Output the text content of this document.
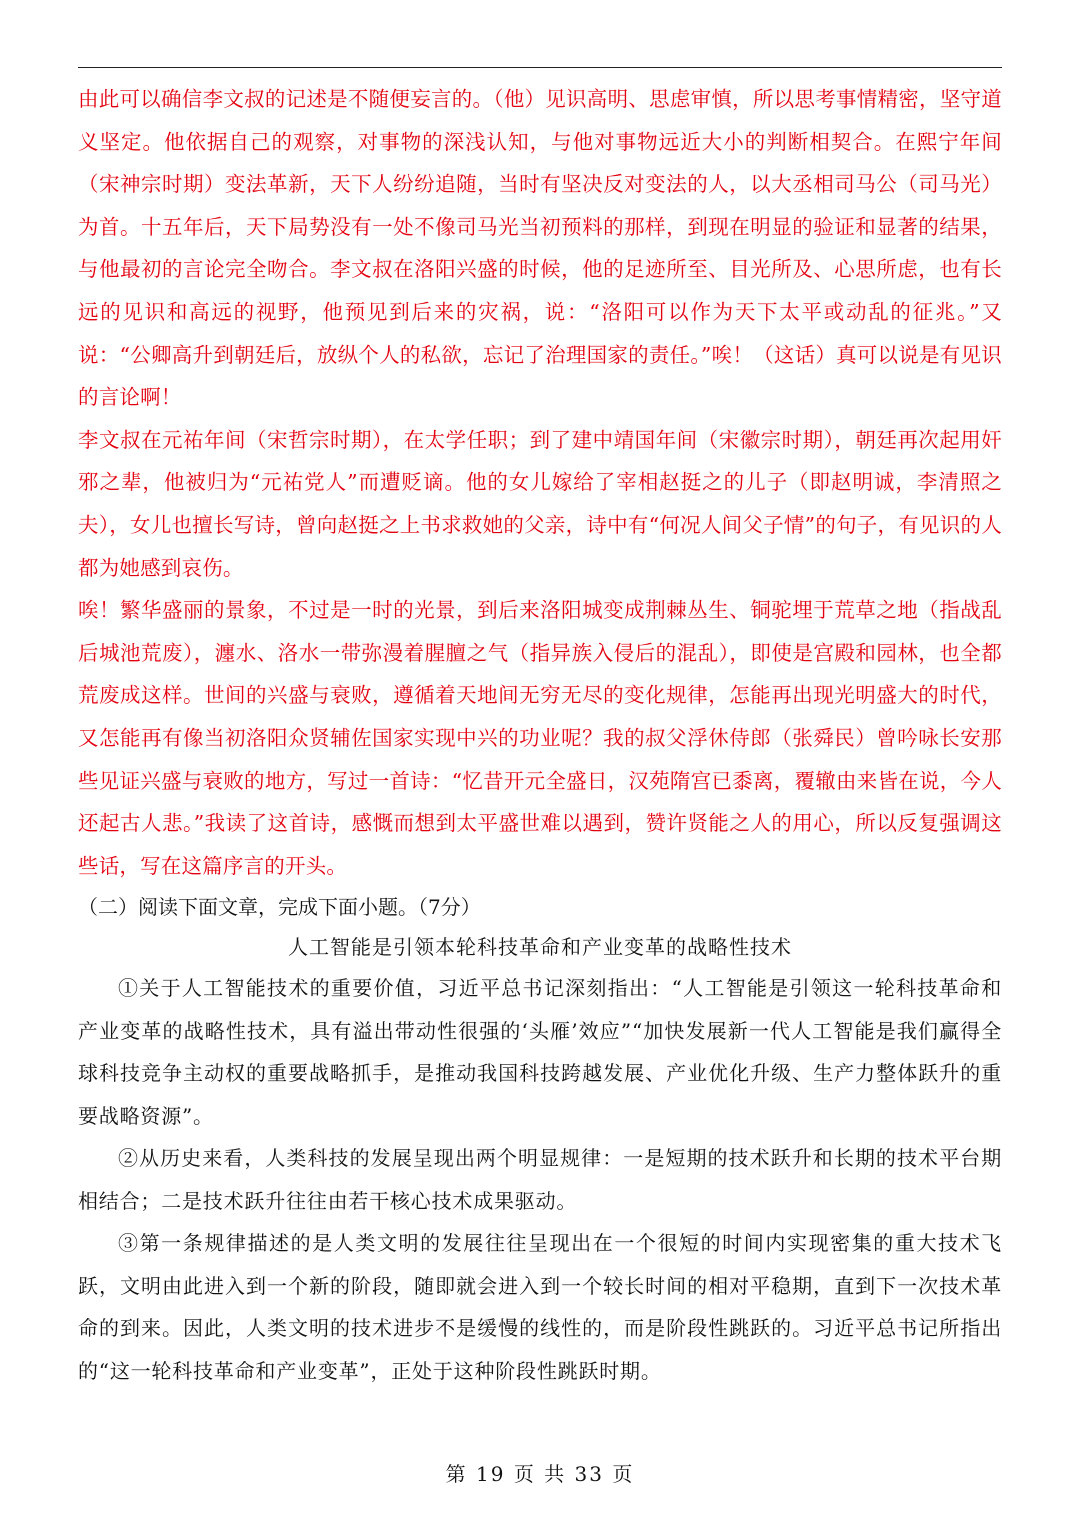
由此可以确信李文叔的记述是不随便妄言的。（他）见识高明、思虑审慎，所以思考事情精密，坚守道义坚定。他依据自己的观察，对事物的深浅认知，与他对事物远近大小的判断相契合。在熙宁年间（宋神宗时期）变法革新，天下人纷纷追随，当时有坚决反对变法的人，以大丞相司马公（司马光）为首。十五年后，天下局势没有一处不像司马光当初预料的那样，到现在明显的验证和显著的结果，与他最初的言论完全吻合。李文叔在洛阳兴盛的时候，他的足迹所至、目光所及、心思所虑，也有长远的见识和高远的视野，他预见到后来的灾祸，说：“洛阳可以作为天下太平或动乱的征兆。”又说：“公卿高升到朝廷后，放纵个人的私欲，忘记了治理国家的责任。”唉！（这话）真可以说是有见识的言论啊！

李文叔在元祐年间（宋哲宗时期），在太学任职；到了建中靖国年间（宋徽宗时期），朝廷再次起用奸邪之辈，他被归为“元祐党人”而遭贬谪。他的女儿嫁给了宰相赵挺之的儿子（即赵明诚，李清照之夫），女儿也擅长写诗，曾向赵挺之上书求救她的父亲，诗中有“何况人间父子情”的句子，有见识的人都为她感到哀伤。

唉！繁华盛丽的景象，不过是一时的光景，到后来洛阳城变成荆棘丛生、铜驼埋于荒草之地（指战乱后城池荒废），瀍水、洛水一带弥漫着腥膻之气（指异族入侵后的混乱），即使是宫殿和园林，也全都荒废成这样。世间的兴盛与衰败，遵循着天地间无穷无尽的变化规律，怎能再出现光明盛大的时代，又怎能再有像当初洛阳众贤辅佐国家实现中兴的功业呢？我的叔父浮休侍郎（张舜民）曾吟咏长安那些见证兴盛与衰败的地方，写过一首诗：“忆昔开元全盛日，汉苑隋宫已黍离，覆辙由来皆在说，今人还起古人悲。”我读了这首诗，感慨而想到太平盛世难以遇到，赞许贤能之人的用心，所以反复强调这些话，写在这篇序言的开头。

（二）阅读下面文章，完成下面小题。（7分）

人工智能是引领本轮科技革命和产业变革的战略性技术

①关于人工智能技术的重要价值，习近平总书记深刻指出：“人工智能是引领这一轮科技革命和产业变革的战略性技术，具有溢出带动性很强的‘头雁’效应”“加快发展新一代人工智能是我们赢得全球科技竞争主动权的重要战略抓手，是推动我国科技跨越发展、产业优化升级、生产力整体跃升的重要战略资源”。

②从历史来看，人类科技的发展呈现出两个明显规律：一是短期的技术跃升和长期的技术平台期相结合；二是技术跃升往往由若干核心技术成果驱动。

③第一条规律描述的是人类文明的发展往往呈现出在一个很短的时间内实现密集的重大技术飞跃，文明由此进入到一个新的阶段，随即就会进入到一个较长时间的相对平稳期，直到下一次技术革命的到来。因此，人类文明的技术进步不是缓慢的线性的，而是阶段性跳跃的。习近平总书记所指出的“这一轮科技革命和产业变革”，正处于这种阶段性跳跃时期。

第 19 页 共 33 页
